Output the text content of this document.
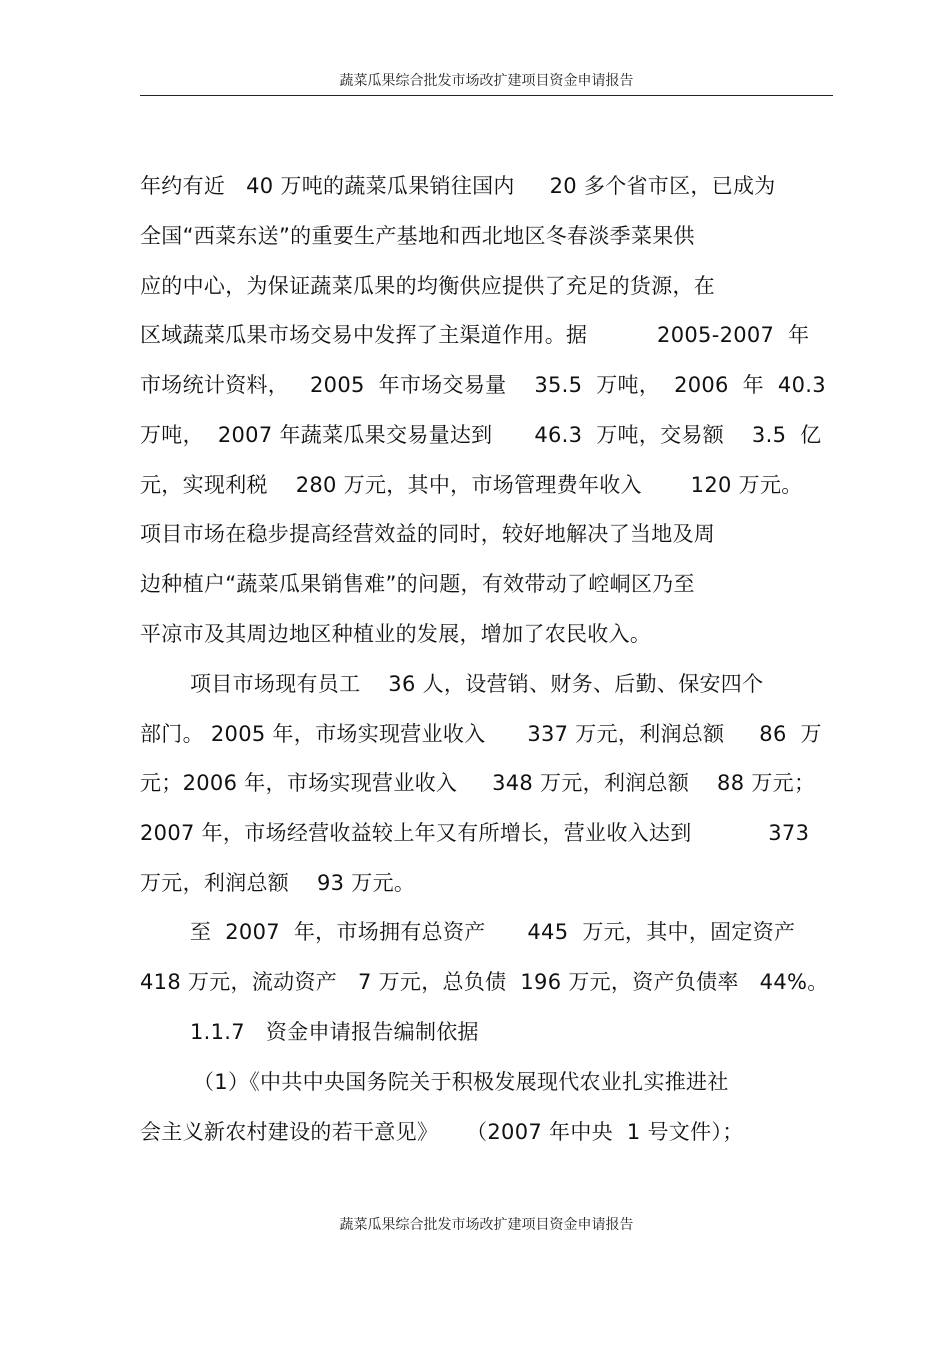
蔬菜瓜果综合批发市场改扩建项目资金申请报告
年约有近   40 万吨的蔬菜瓜果销往国内     20 多个省市区，已成为
全国“西菜东送”的重要生产基地和西北地区冬春淡季菜果供
应的中心，为保证蔬菜瓜果的均衡供应提供了充足的货源，在
区域蔬菜瓜果市场交易中发挥了主渠道作用。据          2005-2007  年
市场统计资料，   2005  年市场交易量    35.5  万吨，  2006  年  40.3
万吨，  2007 年蔬菜瓜果交易量达到      46.3  万吨，交易额    3.5  亿
元，实现利税    280 万元，其中，市场管理费年收入       120 万元。
项目市场在稳步提高经营效益的同时，较好地解决了当地及周
边种植户“蔬菜瓜果销售难”的问题，有效带动了崆峒区乃至
平凉市及其周边地区种植业的发展，增加了农民收入。
项目市场现有员工    36 人，设营销、财务、后勤、保安四个
部门。 2005 年，市场实现营业收入      337 万元，利润总额     86  万
元；2006 年，市场实现营业收入     348 万元，利润总额    88 万元；
2007 年，市场经营收益较上年又有所增长，营业收入达到           373
万元，利润总额    93 万元。
至  2007  年，市场拥有总资产      445  万元，其中，固定资产
418 万元，流动资产   7 万元，总负债  196 万元，资产负债率   44%。
1.1.7   资金申请报告编制依据
（1）《中共中央国务院关于积极发展现代农业扎实推进社
会主义新农村建设的若干意见》    （2007 年中央  1 号文件）；
蔬菜瓜果综合批发市场改扩建项目资金申请报告
